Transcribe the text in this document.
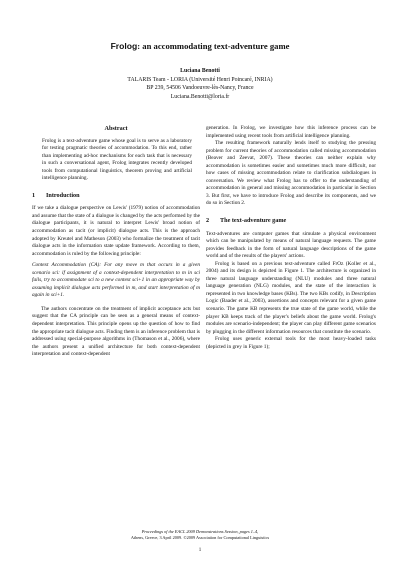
Frolog: an accommodating text-adventure game
Luciana Benotti
TALARIS Team - LORIA (Université Henri Poincaré, INRIA)
BP 239, 54506 Vandoeuvre-lès-Nancy, France
Luciana.Benotti@loria.fr
Abstract

Frolog is a text-adventure game whose goal is to serve as a laboratory for testing pragmatic theories of accommodation. To this end, rather than implementing ad-hoc mechanisms for each task that is necessary in such a conversational agent, Frolog integrates recently developed tools from computational linguistics, theorem proving and artificial intelligence planning.

1 Introduction

If we take a dialogue perspective on Lewis' (1979) notion of accommodation and assume that the state of a dialogue is changed by the acts performed by the dialogue participants, it is natural to interpret Lewis' broad notion of accommodation as tacit (or implicit) dialogue acts. This is the approach adopted by Kreutel and Matheson (2003) who formalize the treatment of tacit dialogue acts in the information state update framework. According to them, accommodation is ruled by the following principle:

Context Accommodation (CA): For any move m that occurs in a given scenario sci: if assignment of a context-dependent interpretation to m in sci fails, try to accommodate sci to a new context sci+1 in an appropriate way by assuming implicit dialogue acts performed in m, and start interpretation of m again in sci+1.

The authors concentrate on the treatment of implicit acceptance acts but suggest that the CA principle can be seen as a general means of context-dependent interpretation. This principle opens up the question of how to find the appropriate tacit dialogue acts. Finding them is an inference problem that is addressed using special-purpose algorithms in (Thomason et al., 2006), where the authors present a unified architecture for both context-dependent interpretation and context-dependent

generation. In Frolog, we investigate how this inference process can be implemented using recent tools from artificial intelligence planning.

The resulting framework naturally lends itself to studying the pressing problem for current theories of accommodation called missing accommodation (Beaver and Zeevat, 2007). These theories can neither explain why accommodation is sometimes easier and sometimes much more difficult, nor how cases of missing accommodation relate to clarification subdialogues in conversation. We review what Frolog has to offer to the understanding of accommodation in general and missing accommodation in particular in Section 3. But first, we have to introduce Frolog and describe its components, and we do so in Section 2.

2 The text-adventure game

Text-adventures are computer games that simulate a physical environment which can be manipulated by means of natural language requests. The game provides feedback in the form of natural language descriptions of the game world and of the results of the players' actions.

Frolog is based on a previous text-adventure called FrOz (Koller et al., 2004) and its design is depicted in Figure 1. The architecture is organized in three natural language understanding (NLU) modules and three natural language generation (NLG) modules, and the state of the interaction is represented in two knowledge bases (KBs). The two KBs codify, in Description Logic (Baader et al., 2003), assertions and concepts relevant for a given game scenario. The game KB represents the true state of the game world, while the player KB keeps track of the player's beliefs about the game world. Frolog's modules are scenario-independent; the player can play different game scenarios by plugging in the different information resources that constitute the scenario.

Frolog uses generic external tools for the most heavy-loaded tasks (depicted in grey in Figure 1);

Proceedings of the EACL 2009 Demonstrations Session, pages 1–4,
Athens, Greece, 3 April 2009. ©2009 Association for Computational Linguistics
1
